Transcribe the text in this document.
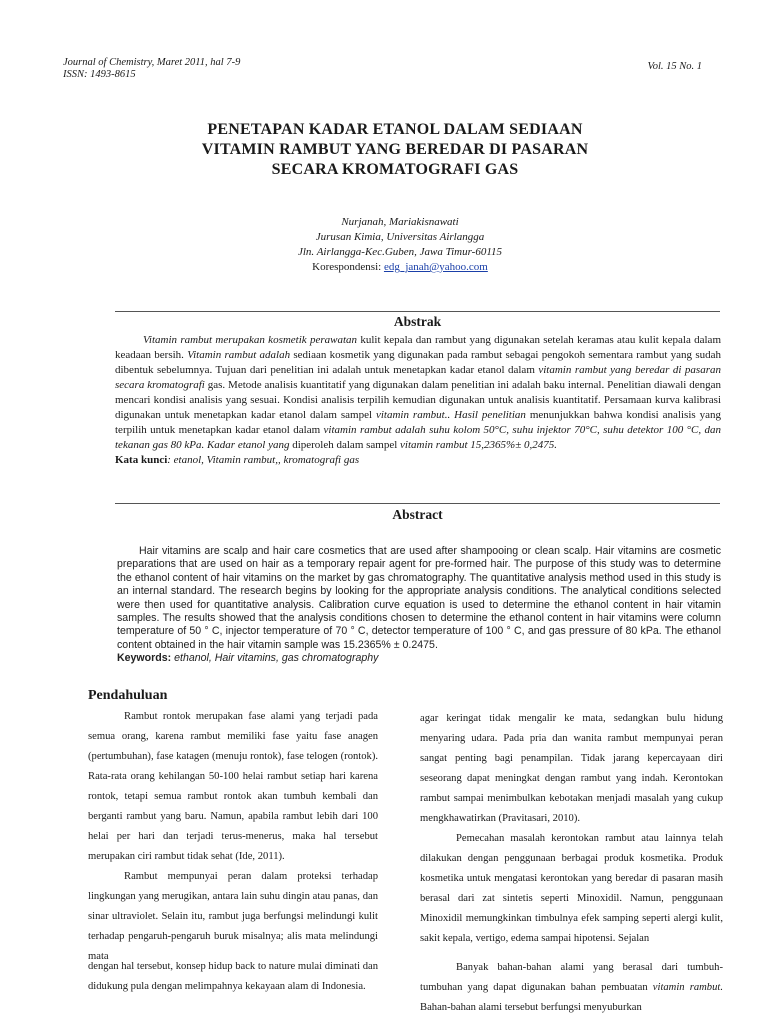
Journal of Chemistry, Maret 2011, hal 7-9
ISSN: 1493-8615
Vol. 15 No. 1
PENETAPAN KADAR ETANOL DALAM SEDIAAN
VITAMIN RAMBUT YANG BEREDAR DI PASARAN
SECARA KROMATOGRAFI GAS
Nurjanah, Mariakisnawati
Jurusan Kimia, Universitas Airlangga
Jln. Airlangga-Kec.Guben, Jawa Timur-60115
Korespondensi: edg_janah@yahoo.com
Abstrak

Vitamin rambut merupakan kosmetik perawatan kulit kepala dan rambut yang digunakan setelah keramas atau kulit kepala dalam keadaan bersih. Vitamin rambut adalah sediaan kosmetik yang digunakan pada rambut sebagai pengokoh sementara rambut yang sudah dibentuk sebelumnya. Tujuan dari penelitian ini adalah untuk menetapkan kadar etanol dalam vitamin rambut yang beredar di pasaran secara kromatografi gas. Metode analisis kuantitatif yang digunakan dalam penelitian ini adalah baku internal. Penelitian diawali dengan mencari kondisi analisis yang sesuai. Kondisi analisis terpilih kemudian digunakan untuk analisis kuantitatif. Persamaan kurva kalibrasi digunakan untuk menetapkan kadar etanol dalam sampel vitamin rambut.. Hasil penelitian menunjukkan bahwa kondisi analisis yang terpilih untuk menetapkan kadar etanol dalam vitamin rambut adalah suhu kolom 50°C, suhu injektor 70°C, suhu detektor 100 °C, dan tekanan gas 80 kPa. Kadar etanol yang diperoleh dalam sampel vitamin rambut 15,2365%± 0,2475.

Kata kunci: etanol, Vitamin rambut,, kromatografi gas
Abstract

Hair vitamins are scalp and hair care cosmetics that are used after shampooing or clean scalp. Hair vitamins are cosmetic preparations that are used on hair as a temporary repair agent for pre-formed hair. The purpose of this study was to determine the ethanol content of hair vitamins on the market by gas chromatography. The quantitative analysis method used in this study is an internal standard. The research begins by looking for the appropriate analysis conditions. The analytical conditions selected were then used for quantitative analysis. Calibration curve equation is used to determine the ethanol content in hair vitamin samples. The results showed that the analysis conditions chosen to determine the ethanol content in hair vitamins were column temperature of 50 ° C, injector temperature of 70 ° C, detector temperature of 100 ° C, and gas pressure of 80 kPa. The ethanol content obtained in the hair vitamin sample was 15.2365% ± 0.2475.

Keywords: ethanol, Hair vitamins, gas chromatography
Pendahuluan

Rambut rontok merupakan fase alami yang terjadi pada semua orang, karena rambut memiliki fase yaitu fase anagen (pertumbuhan), fase katagen (menuju rontok), fase telogen (rontok). Rata-rata orang kehilangan 50-100 helai rambut setiap hari karena rontok, tetapi semua rambut rontok akan tumbuh kembali dan berganti rambut yang baru. Namun, apabila rambut lebih dari 100 helai per hari dan terjadi terus-menerus, maka hal tersebut merupakan ciri rambut tidak sehat (Ide, 2011).

Rambut mempunyai peran dalam proteksi terhadap lingkungan yang merugikan, antara lain suhu dingin atau panas, dan sinar ultraviolet. Selain itu, rambut juga berfungsi melindungi kulit terhadap pengaruh-pengaruh buruk misalnya; alis mata melindungi mata

dengan hal tersebut, konsep hidup back to nature mulai diminati dan didukung pula dengan melimpahnya kekayaan alam di Indonesia.

agar keringat tidak mengalir ke mata, sedangkan bulu hidung menyaring udara. Pada pria dan wanita rambut mempunyai peran sangat penting bagi penampilan. Tidak jarang kepercayaan diri seseorang dapat meningkat dengan rambut yang indah. Kerontokan rambut sampai menimbulkan kebotakan menjadi masalah yang cukup mengkhawatirkan (Pravitasari, 2010).

Pemecahan masalah kerontokan rambut atau lainnya telah dilakukan dengan penggunaan berbagai produk kosmetika. Produk kosmetika untuk mengatasi kerontokan yang beredar di pasaran masih berasal dari zat sintetis seperti Minoxidil. Namun, penggunaan Minoxidil memungkinkan timbulnya efek samping seperti alergi kulit, sakit kepala, vertigo, edema sampai hipotensi. Sejalan

Banyak bahan-bahan alami yang berasal dari tumbuh-tumbuhan yang dapat digunakan bahan pembuatan vitamin rambut. Bahan-bahan alami tersebut berfungsi menyuburkan
